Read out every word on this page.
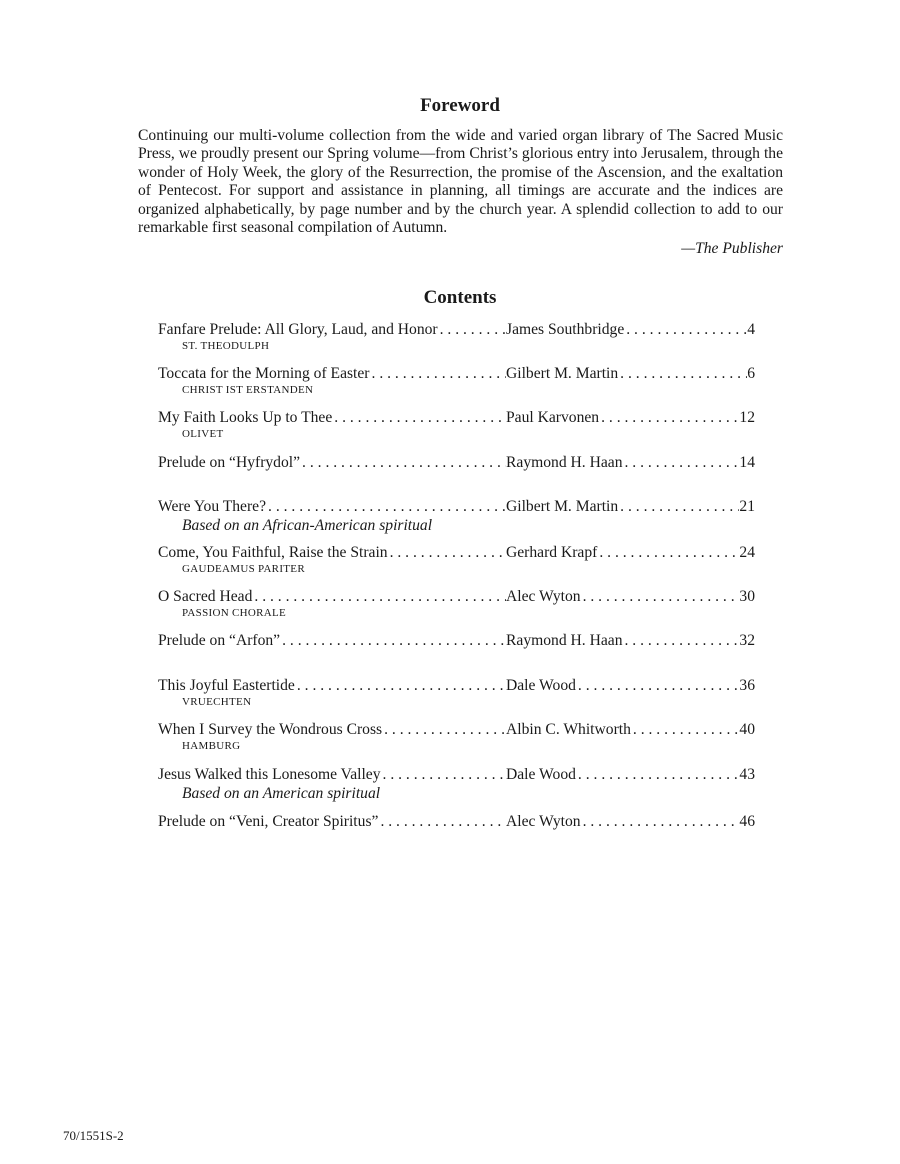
Foreword

Continuing our multi-volume collection from the wide and varied organ library of The Sacred Music Press, we proudly present our Spring volume—from Christ’s glorious entry into Jerusalem, through the wonder of Holy Week, the glory of the Resurrection, the promise of the Ascension, and the exaltation of Pentecost. For support and assistance in planning, all timings are accurate and the indices are organized alphabetically, by page number and by the church year. A splendid collection to add to our remarkable first seasonal compilation of Autumn.

—The Publisher
Contents
Fanfare Prelude: All Glory, Laud, and Honor . . .	James Southbridge . . .	4
ST. THEODULPH
Toccata for the Morning of Easter . . .	Gilbert M. Martin . . .	6
CHRIST IST ERSTANDEN
My Faith Looks Up to Thee . . .	Paul Karvonen . . .	12
OLIVET
Prelude on “Hyfrydol” . . .	Raymond H. Haan . . .	14
Were You There? . . .	Gilbert M. Martin . . .	21
Based on an African-American spiritual
Come, You Faithful, Raise the Strain . . .	Gerhard Krapf . . .	24
GAUDEAMUS PARITER
O Sacred Head . . .	Alec Wyton . . .	30
PASSION CHORALE
Prelude on “Arfon” . . .	Raymond H. Haan . . .	32
This Joyful Eastertide . . .	Dale Wood . . .	36
VRUECHTEN
When I Survey the Wondrous Cross . . .	Albin C. Whitworth . . .	40
HAMBURG
Jesus Walked this Lonesome Valley . . .	Dale Wood . . .	43
Based on an American spiritual
Prelude on “Veni, Creator Spiritus” . . .	Alec Wyton . . .	46
70/1551S-2
